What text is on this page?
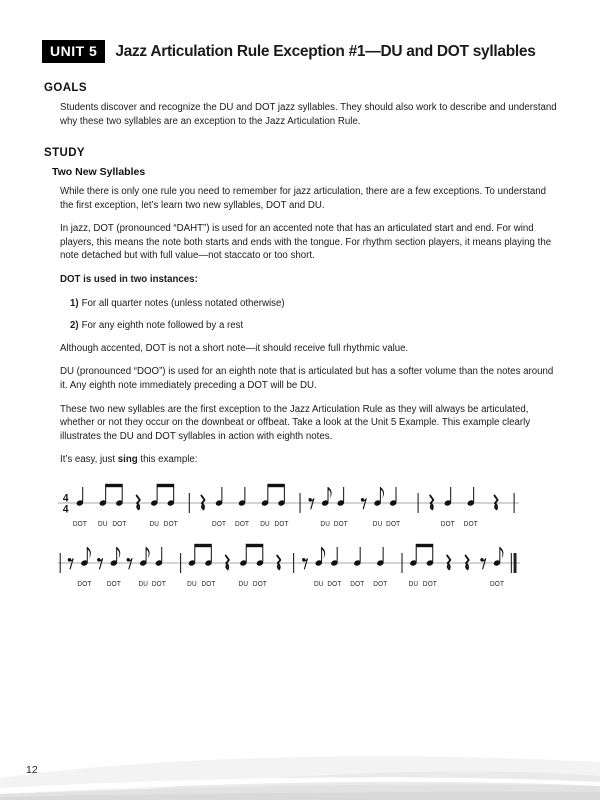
UNIT 5	Jazz Articulation Rule Exception #1—DU and DOT syllables
GOALS

Students discover and recognize the DU and DOT jazz syllables. They should also work to describe and understand why these two syllables are an exception to the Jazz Articulation Rule.

STUDY
Two New Syllables

While there is only one rule you need to remember for jazz articulation, there are a few exceptions. To understand the first exception, let’s learn two new syllables, DOT and DU.

In jazz, DOT (pronounced “DAHT”) is used for an accented note that has an articulated start and end. For wind players, this means the note both starts and ends with the tongue. For rhythm section players, it means playing the note detached but with full value—not staccato or too short.

DOT is used in two instances:

1) For all quarter notes (unless notated otherwise)
2) For any eighth note followed by a rest

Although accented, DOT is not a short note—it should receive full rhythmic value.

DU (pronounced “DOO”) is used for an eighth note that is articulated but has a softer volume than the notes around it. Any eighth note immediately preceding a DOT will be DU.

These two new syllables are the first exception to the Jazz Articulation Rule as they will always be articulated, whether or not they occur on the downbeat or offbeat. Take a look at the Unit 5 Example. This example clearly illustrates the DU and DOT syllables in action with eighth notes.

It’s easy, just sing this example:

4
4
DOT DU DOT	DU DOT	DOT DOT DU DOT	DU DOT	DU DOT	DOT DOT
DOT DOT	DU DOT	DU DOT	DU DOT	DU DOT DOT DOT	DU DOT	DOT
12
